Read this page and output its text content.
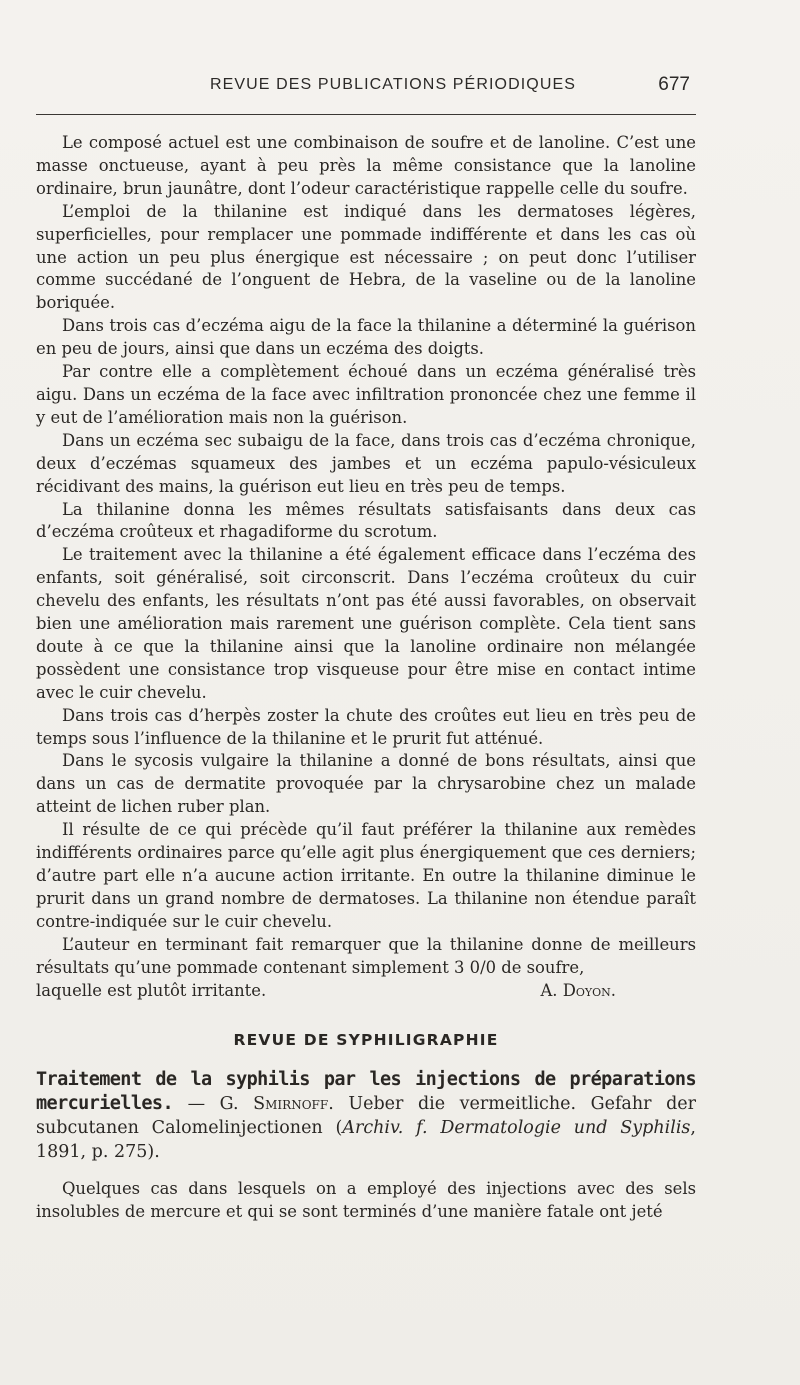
REVUE DES PUBLICATIONS PÉRIODIQUES	677

Le composé actuel est une combinaison de soufre et de lanoline. C’est une masse onctueuse, ayant à peu près la même consistance que la lanoline ordinaire, brun jaunâtre, dont l’odeur caractéristique rappelle celle du soufre.

L’emploi de la thilanine est indiqué dans les dermatoses légères, superficielles, pour remplacer une pommade indifférente et dans les cas où une action un peu plus énergique est nécessaire ; on peut donc l’utiliser comme succédané de l’onguent de Hebra, de la vaseline ou de la lanoline boriquée.

Dans trois cas d’eczéma aigu de la face la thilanine a déterminé la guérison en peu de jours, ainsi que dans un eczéma des doigts.

Par contre elle a complètement échoué dans un eczéma généralisé très aigu. Dans un eczéma de la face avec infiltration prononcée chez une femme il y eut de l’amélioration mais non la guérison.

Dans un eczéma sec subaigu de la face, dans trois cas d’eczéma chronique, deux d’eczémas squameux des jambes et un eczéma papulo-vésiculeux récidivant des mains, la guérison eut lieu en très peu de temps.

La thilanine donna les mêmes résultats satisfaisants dans deux cas d’eczéma croûteux et rhagadiforme du scrotum.

Le traitement avec la thilanine a été également efficace dans l’eczéma des enfants, soit généralisé, soit circonscrit. Dans l’eczéma croûteux du cuir chevelu des enfants, les résultats n’ont pas été aussi favorables, on observait bien une amélioration mais rarement une guérison complète. Cela tient sans doute à ce que la thilanine ainsi que la lanoline ordinaire non mélangée possèdent une consistance trop visqueuse pour être mise en contact intime avec le cuir chevelu.

Dans trois cas d’herpès zoster la chute des croûtes eut lieu en très peu de temps sous l’influence de la thilanine et le prurit fut atténué.

Dans le sycosis vulgaire la thilanine a donné de bons résultats, ainsi que dans un cas de dermatite provoquée par la chrysarobine chez un malade atteint de lichen ruber plan.

Il résulte de ce qui précède qu’il faut préférer la thilanine aux remèdes indifférents ordinaires parce qu’elle agit plus énergiquement que ces derniers; d’autre part elle n’a aucune action irritante. En outre la thilanine diminue le prurit dans un grand nombre de dermatoses. La thilanine non étendue paraît contre-indiquée sur le cuir chevelu.

L’auteur en terminant fait remarquer que la thilanine donne de meilleurs résultats qu’une pommade contenant simplement 3 0/0 de soufre,

laquelle est plutôt irritante.	A. Doyon.
REVUE DE SYPHILIGRAPHIE

Traitement de la syphilis par les injections de préparations mercurielles. — G. Smirnoff. Ueber die vermeitliche. Gefahr der subcutanen Calomelinjectionen (Archiv. f. Dermatologie und Syphilis, 1891, p. 275).

Quelques cas dans lesquels on a employé des injections avec des sels insolubles de mercure et qui se sont terminés d’une manière fatale ont jeté
